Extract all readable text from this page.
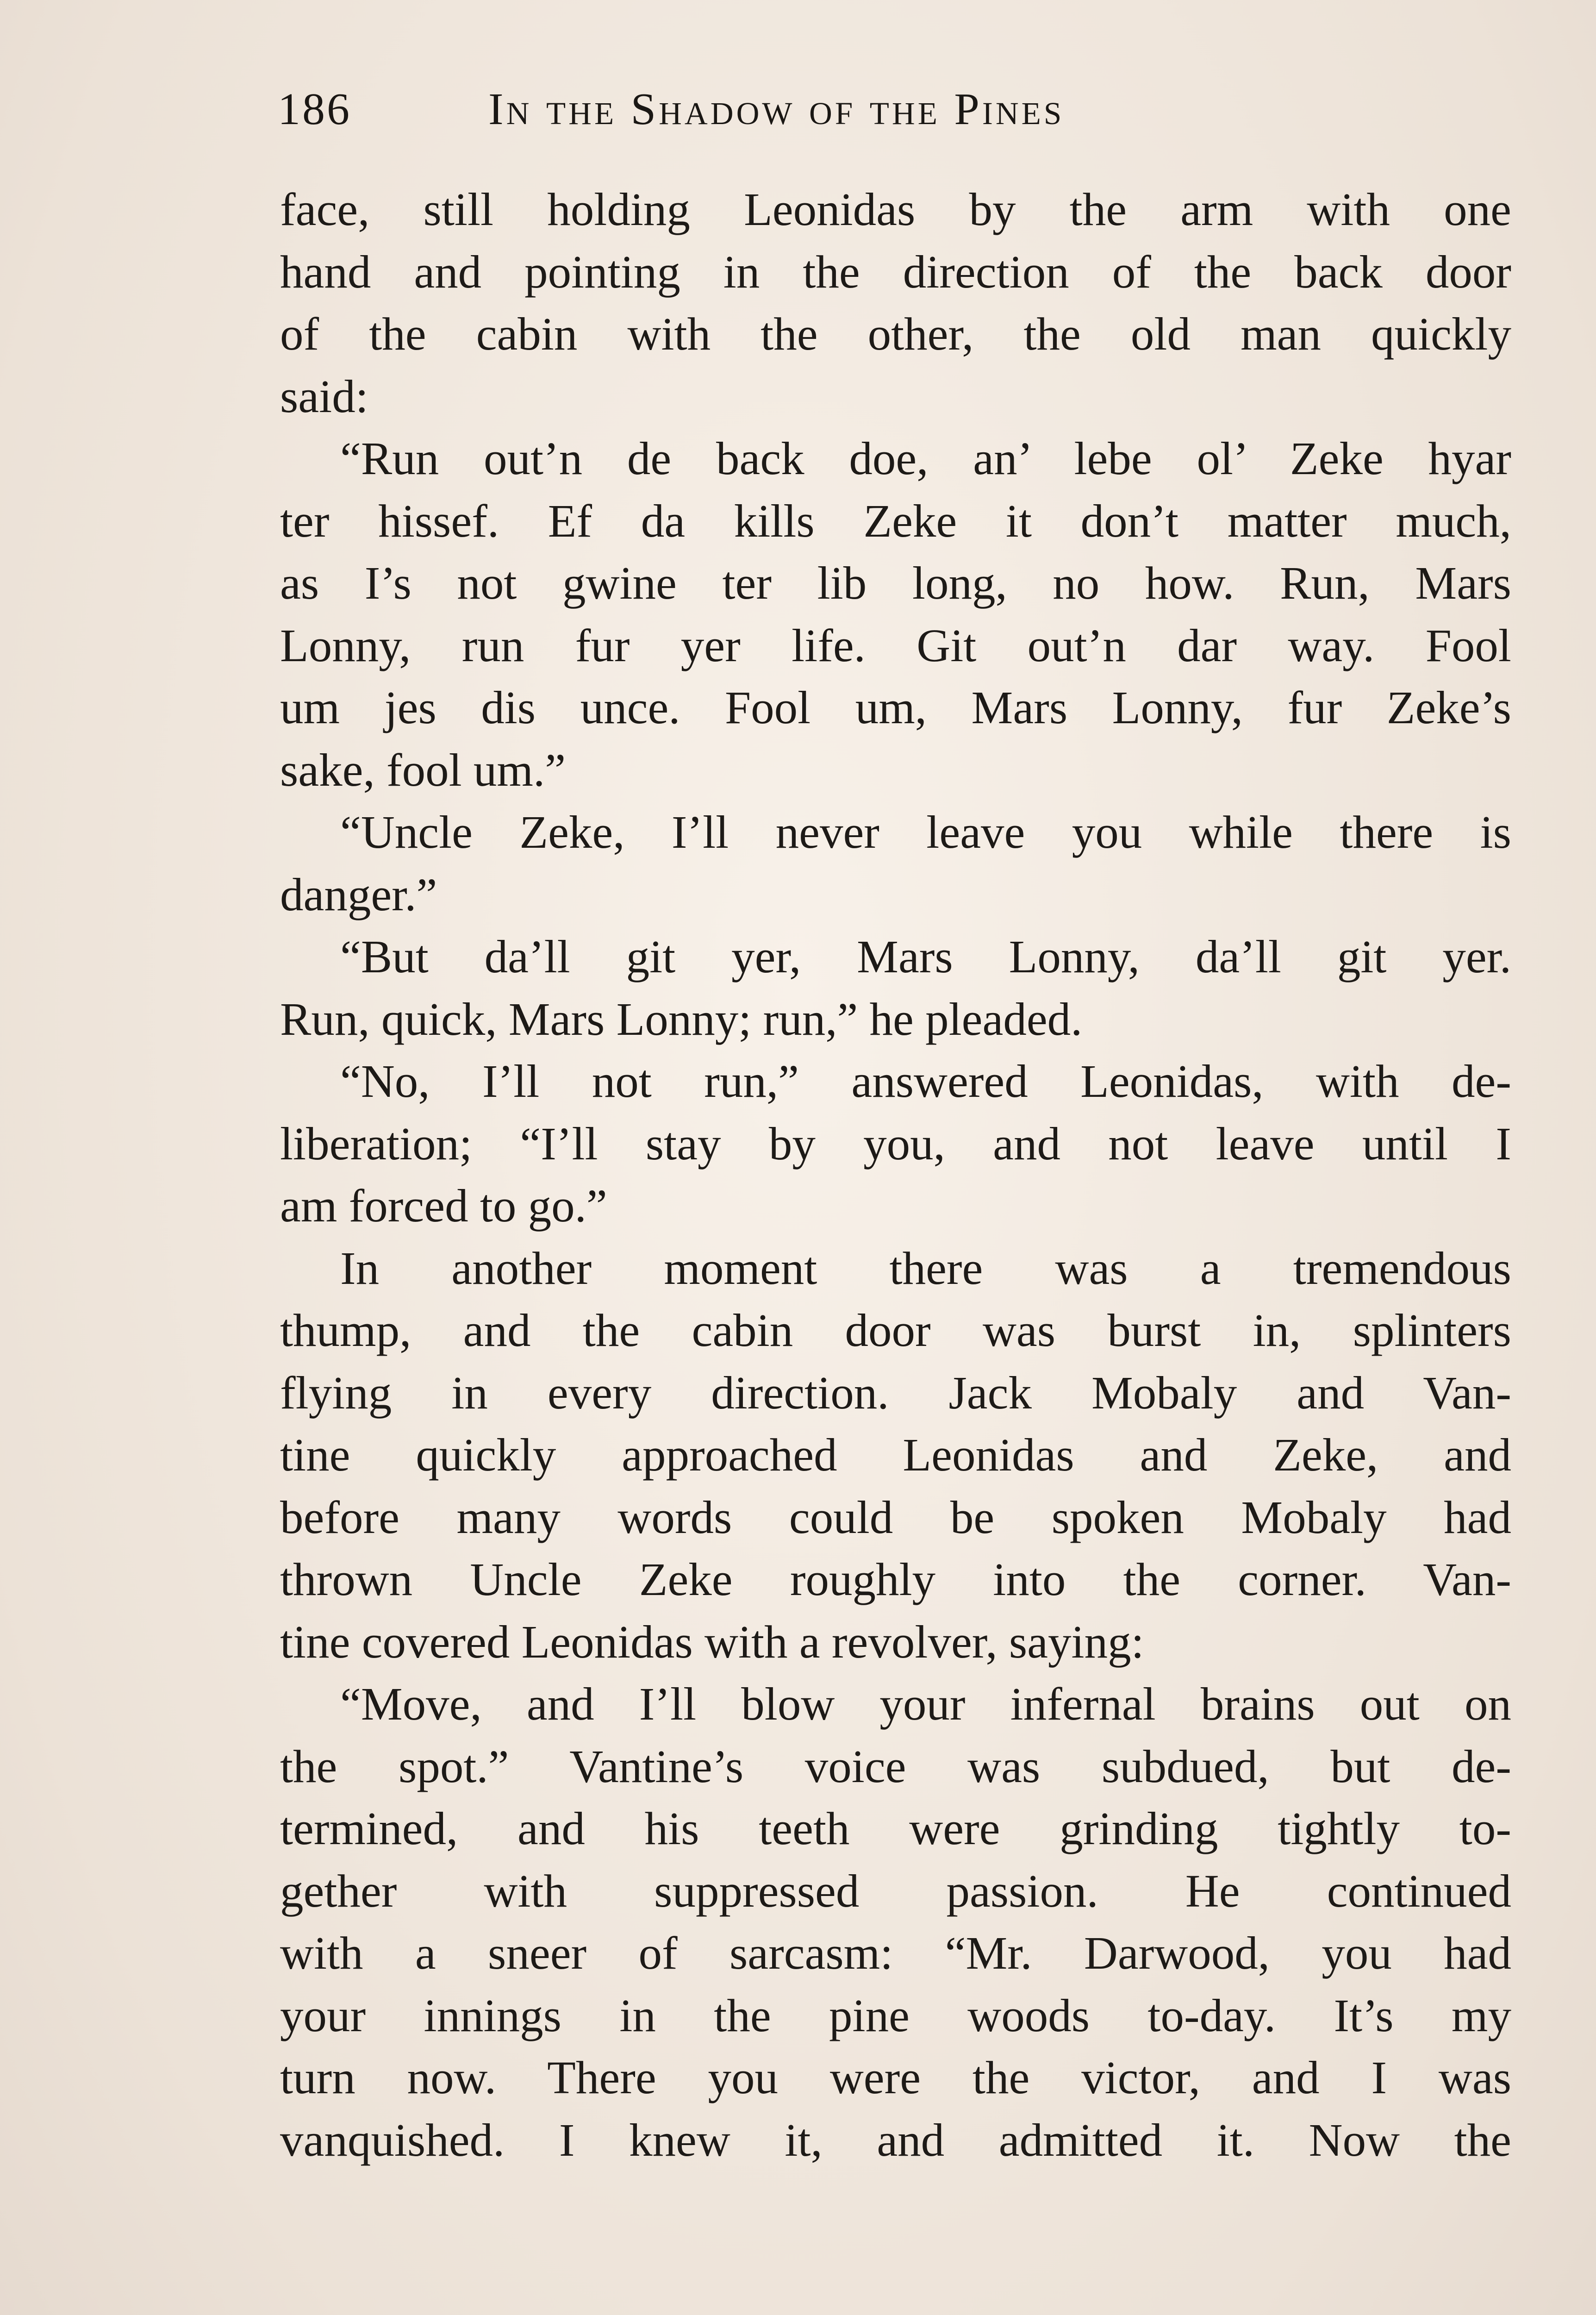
186	In the Shadow of the Pines
face, still holding Leonidas by the arm with one
hand and pointing in the direction of the back door
of the cabin with the other, the old man quickly
said:
“Run out’n de back doe, an’ lebe ol’ Zeke hyar
ter hissef. Ef da kills Zeke it don’t matter much,
as I’s not gwine ter lib long, no how. Run, Mars
Lonny, run fur yer life. Git out’n dar way. Fool
um jes dis unce. Fool um, Mars Lonny, fur Zeke’s
sake, fool um.”
“Uncle Zeke, I’ll never leave you while there is
danger.”
“But da’ll git yer, Mars Lonny, da’ll git yer.
Run, quick, Mars Lonny; run,” he pleaded.
“No, I’ll not run,” answered Leonidas, with de-
liberation; “I’ll stay by you, and not leave until I
am forced to go.”
In another moment there was a tremendous
thump, and the cabin door was burst in, splinters
flying in every direction. Jack Mobaly and Van-
tine quickly approached Leonidas and Zeke, and
before many words could be spoken Mobaly had
thrown Uncle Zeke roughly into the corner. Van-
tine covered Leonidas with a revolver, saying:
“Move, and I’ll blow your infernal brains out on
the spot.” Vantine’s voice was subdued, but de-
termined, and his teeth were grinding tightly to-
gether with suppressed passion. He continued
with a sneer of sarcasm: “Mr. Darwood, you had
your innings in the pine woods to-day. It’s my
turn now. There you were the victor, and I was
vanquished. I knew it, and admitted it. Now the
